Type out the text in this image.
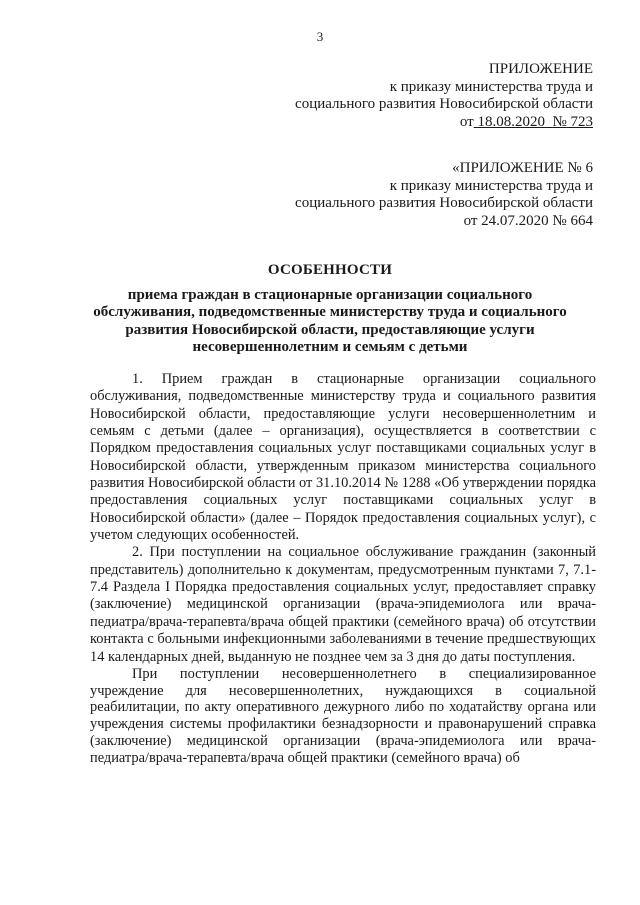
3
ПРИЛОЖЕНИЕ
к приказу министерства труда и
социального развития Новосибирской области
от 18.08.2020 № 723
«ПРИЛОЖЕНИЕ № 6
к приказу министерства труда и
социального развития Новосибирской области
от 24.07.2020 № 664
ОСОБЕННОСТИ
приема граждан в стационарные организации социального
обслуживания, подведомственные министерству труда и социального
развития Новосибирской области, предоставляющие услуги
несовершеннолетним и семьям с детьми

1. Прием граждан в стационарные организации социального обслуживания, подведомственные министерству труда и социального развития Новосибирской области, предоставляющие услуги несовершеннолетним и семьям с детьми (далее – организация), осуществляется в соответствии с Порядком предоставления социальных услуг поставщиками социальных услуг в Новосибирской области, утвержденным приказом министерства социального развития Новосибирской области от 31.10.2014 № 1288 «Об утверждении порядка предоставления социальных услуг поставщиками социальных услуг в Новосибирской области» (далее – Порядок предоставления социальных услуг), с учетом следующих особенностей.

2. При поступлении на социальное обслуживание гражданин (законный представитель) дополнительно к документам, предусмотренным пунктами 7, 7.1-7.4 Раздела I Порядка предоставления социальных услуг, предоставляет справку (заключение) медицинской организации (врача-эпидемиолога или врача-педиатра/врача-терапевта/врача общей практики (семейного врача) об отсутствии контакта с больными инфекционными заболеваниями в течение предшествующих 14 календарных дней, выданную не позднее чем за 3 дня до даты поступления.

При поступлении несовершеннолетнего в специализированное учреждение для несовершеннолетних, нуждающихся в социальной реабилитации, по акту оперативного дежурного либо по ходатайству органа или учреждения системы профилактики безнадзорности и правонарушений справка (заключение) медицинской организации (врача-эпидемиолога или врача-педиатра/врача-терапевта/врача общей практики (семейного врача) об
